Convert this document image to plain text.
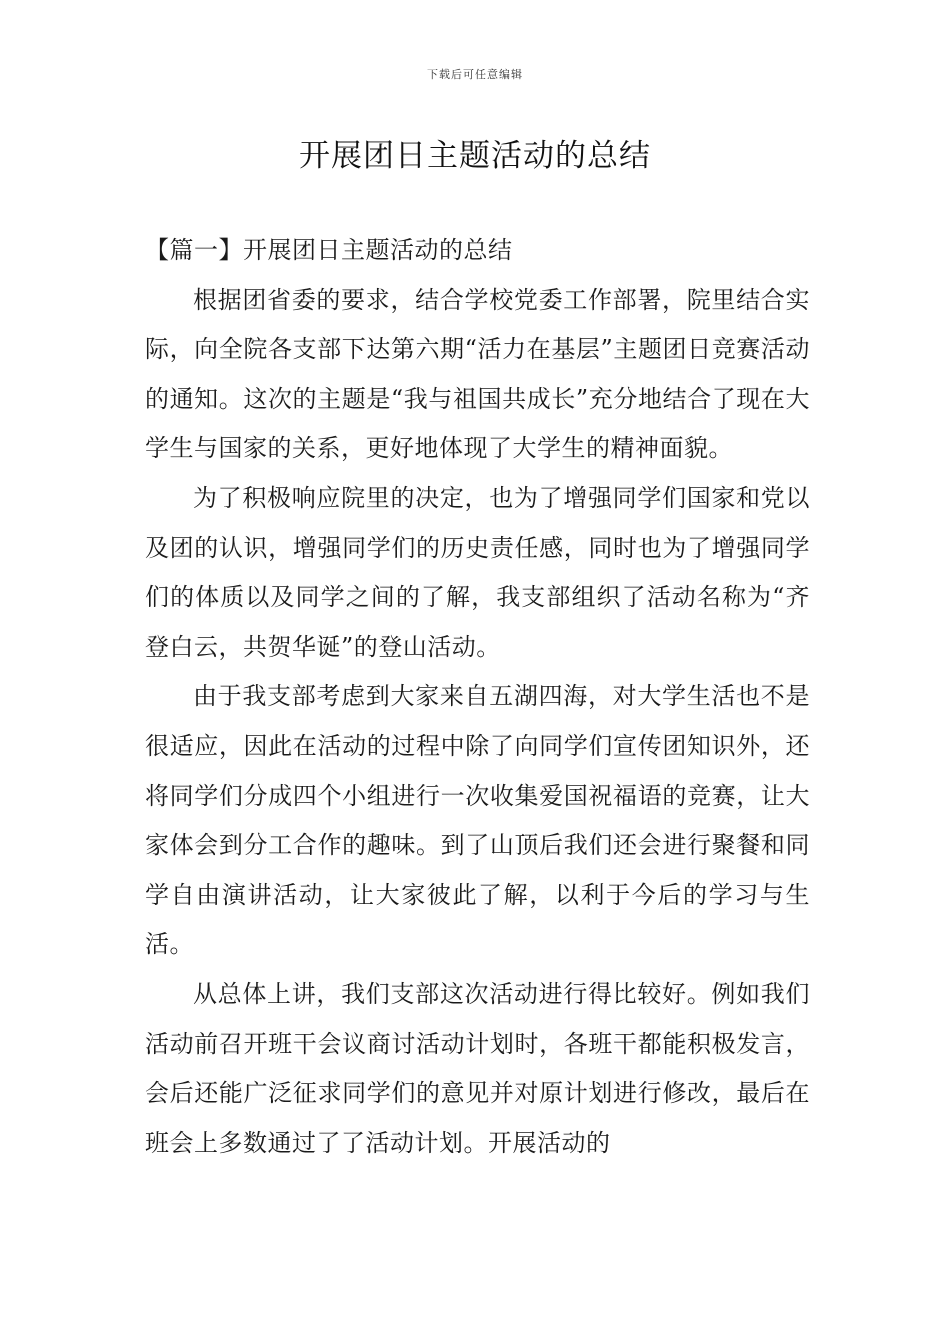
下载后可任意编辑
开展团日主题活动的总结

【篇一】开展团日主题活动的总结

根据团省委的要求，结合学校党委工作部署，院里结合实际，向全院各支部下达第六期“活力在基层”主题团日竞赛活动的通知。这次的主题是“我与祖国共成长”充分地结合了现在大学生与国家的关系，更好地体现了大学生的精神面貌。

为了积极响应院里的决定，也为了增强同学们国家和党以及团的认识，增强同学们的历史责任感，同时也为了增强同学们的体质以及同学之间的了解，我支部组织了活动名称为“齐登白云，共贺华诞”的登山活动。

由于我支部考虑到大家来自五湖四海，对大学生活也不是很适应，因此在活动的过程中除了向同学们宣传团知识外，还将同学们分成四个小组进行一次收集爱国祝福语的竞赛，让大家体会到分工合作的趣味。到了山顶后我们还会进行聚餐和同学自由演讲活动，让大家彼此了解，以利于今后的学习与生活。

从总体上讲，我们支部这次活动进行得比较好。例如我们活动前召开班干会议商讨活动计划时，各班干都能积极发言，会后还能广泛征求同学们的意见并对原计划进行修改，最后在班会上多数通过了了活动计划。开展活动的
